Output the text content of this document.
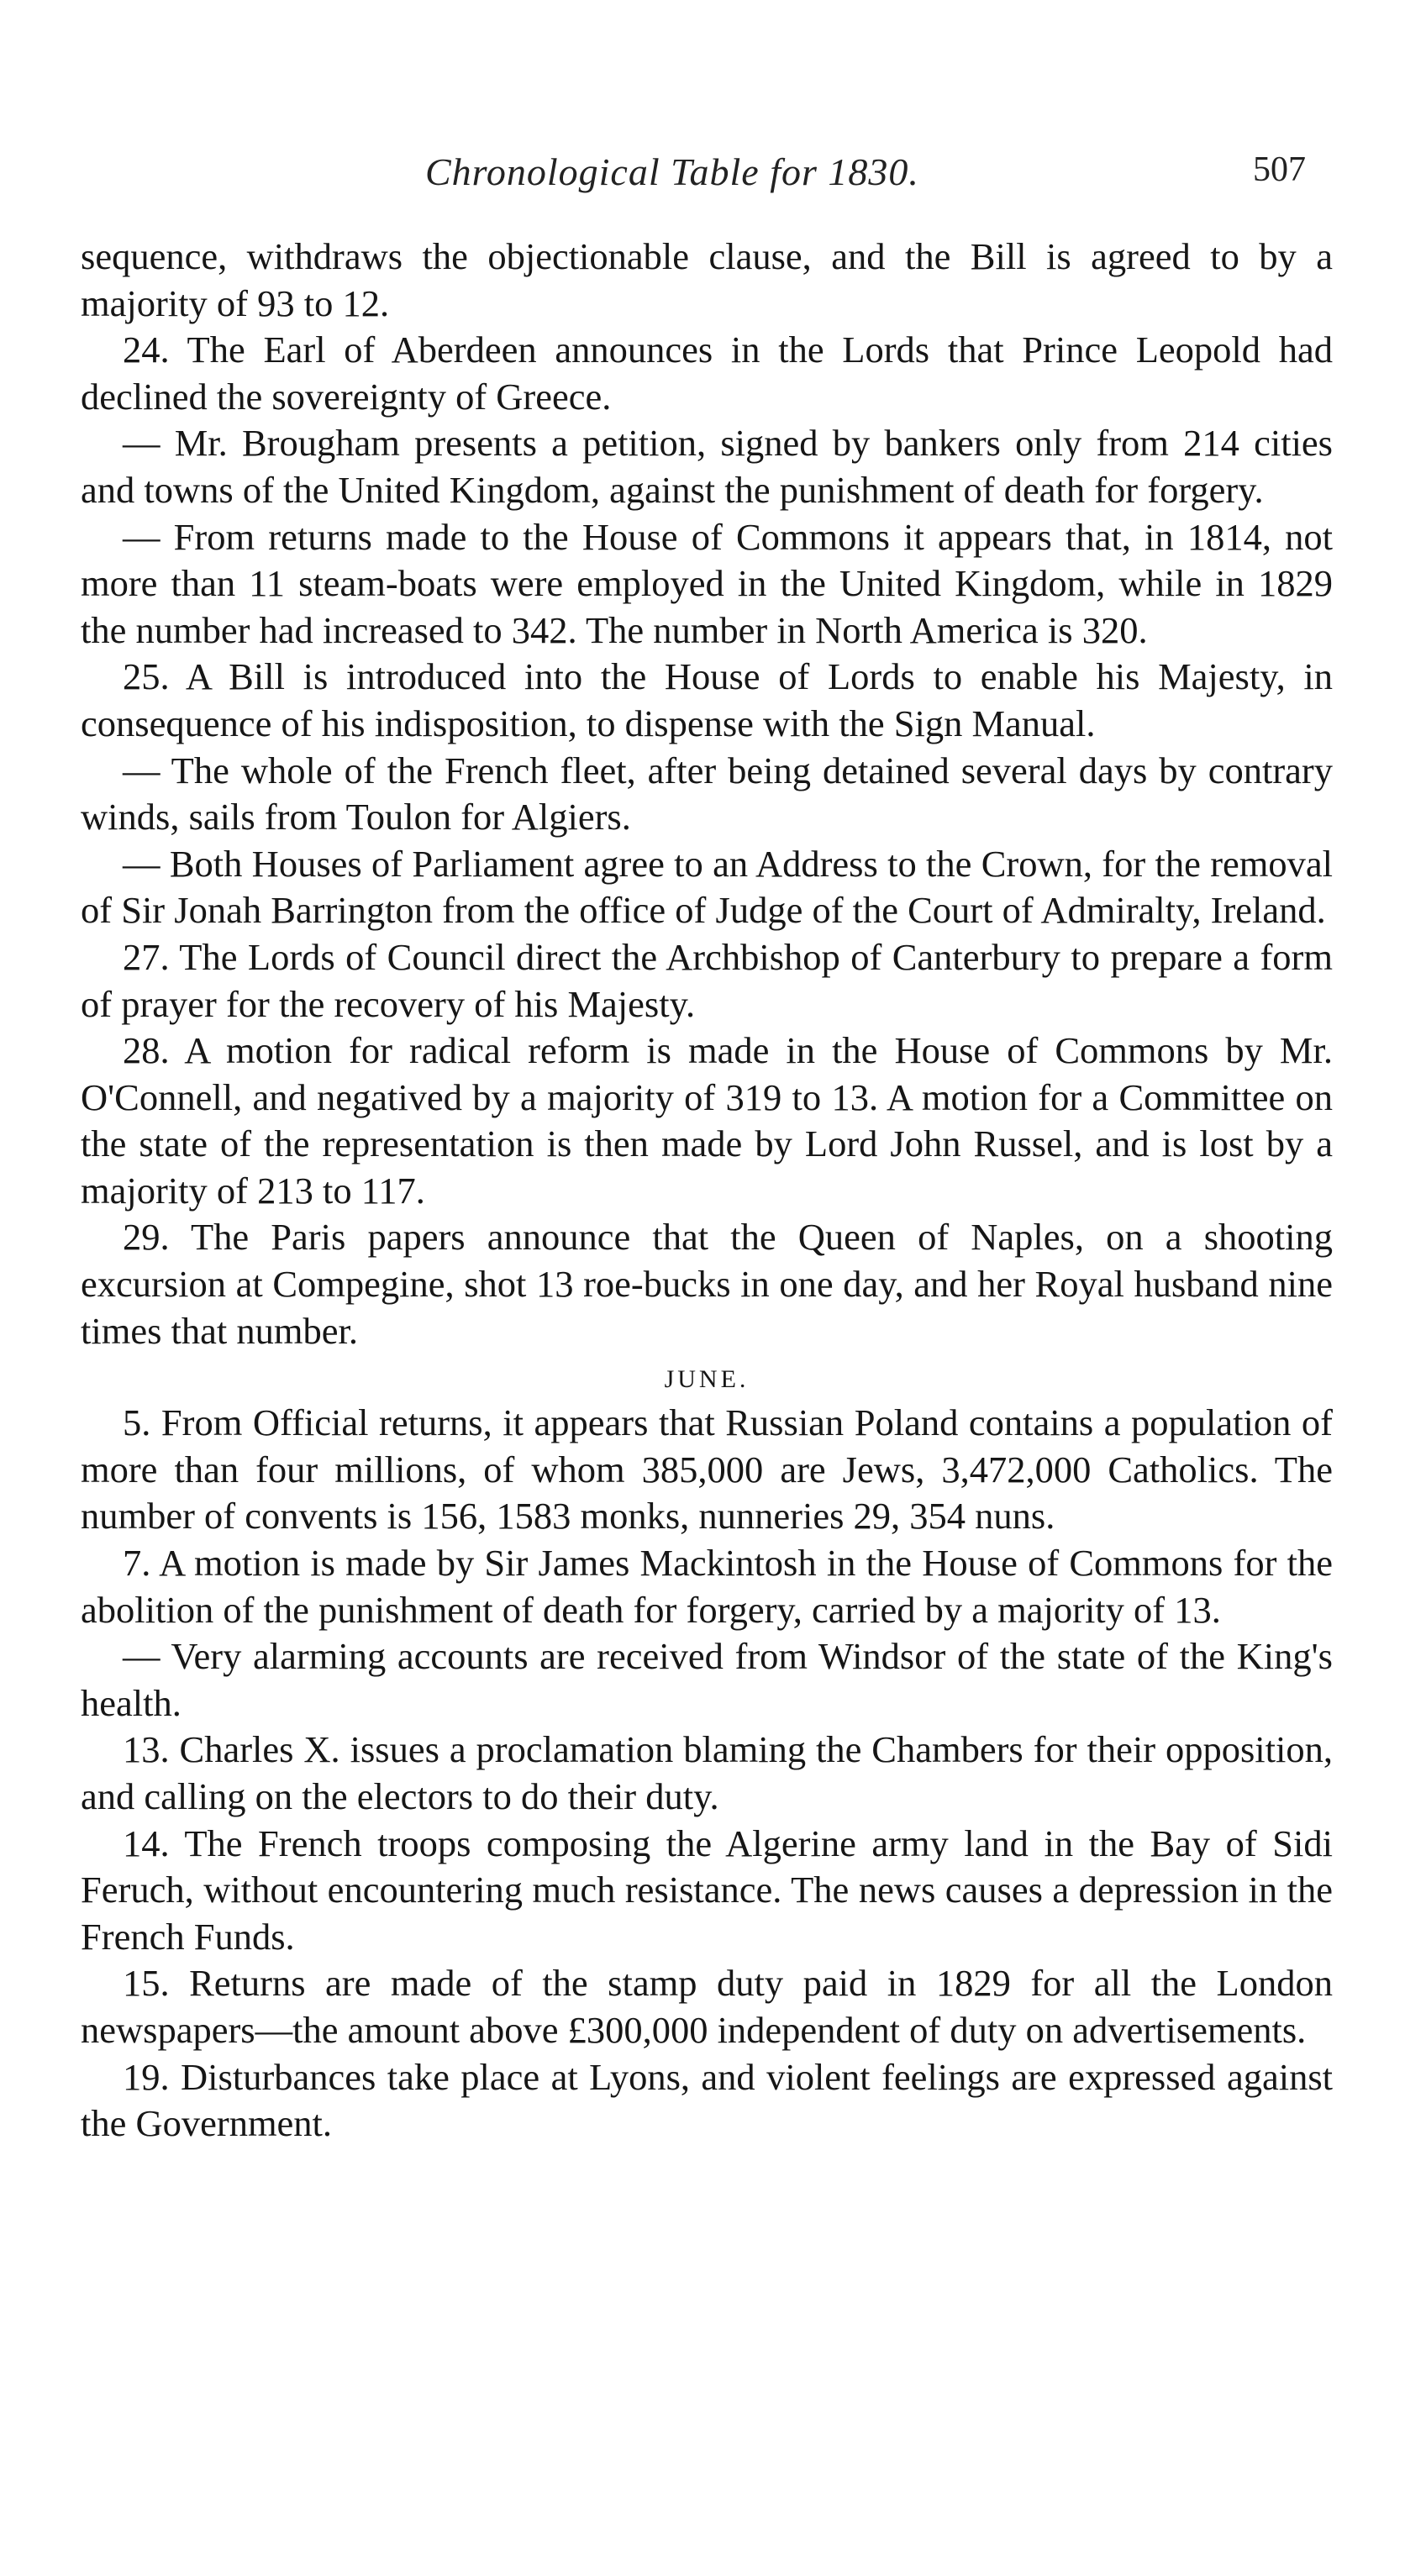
Chronological Table for 1830.	507

sequence, withdraws the objectionable clause, and the Bill is agreed to by a majority of 93 to 12.

24. The Earl of Aberdeen announces in the Lords that Prince Leopold had declined the sovereignty of Greece.

— Mr. Brougham presents a petition, signed by bankers only from 214 cities and towns of the United Kingdom, against the punishment of death for forgery.

— From returns made to the House of Commons it appears that, in 1814, not more than 11 steam-boats were employed in the United Kingdom, while in 1829 the number had increased to 342. The number in North America is 320.

25. A Bill is introduced into the House of Lords to enable his Majesty, in consequence of his indisposition, to dispense with the Sign Manual.

— The whole of the French fleet, after being detained several days by contrary winds, sails from Toulon for Algiers.

— Both Houses of Parliament agree to an Address to the Crown, for the removal of Sir Jonah Barrington from the office of Judge of the Court of Admiralty, Ireland.

27. The Lords of Council direct the Archbishop of Canterbury to prepare a form of prayer for the recovery of his Majesty.

28. A motion for radical reform is made in the House of Commons by Mr. O'Connell, and negatived by a majority of 319 to 13. A motion for a Committee on the state of the representation is then made by Lord John Russel, and is lost by a majority of 213 to 117.

29. The Paris papers announce that the Queen of Naples, on a shooting excursion at Compegine, shot 13 roe-bucks in one day, and her Royal husband nine times that number.

JUNE.

5. From Official returns, it appears that Russian Poland contains a population of more than four millions, of whom 385,000 are Jews, 3,472,000 Catholics. The number of convents is 156, 1583 monks, nunneries 29, 354 nuns.

7. A motion is made by Sir James Mackintosh in the House of Commons for the abolition of the punishment of death for forgery, carried by a majority of 13.

— Very alarming accounts are received from Windsor of the state of the King's health.

13. Charles X. issues a proclamation blaming the Chambers for their opposition, and calling on the electors to do their duty.

14. The French troops composing the Algerine army land in the Bay of Sidi Feruch, without encountering much resistance. The news causes a depression in the French Funds.

15. Returns are made of the stamp duty paid in 1829 for all the London newspapers—the amount above £300,000 independent of duty on advertisements.

19. Disturbances take place at Lyons, and violent feelings are expressed against the Government.
